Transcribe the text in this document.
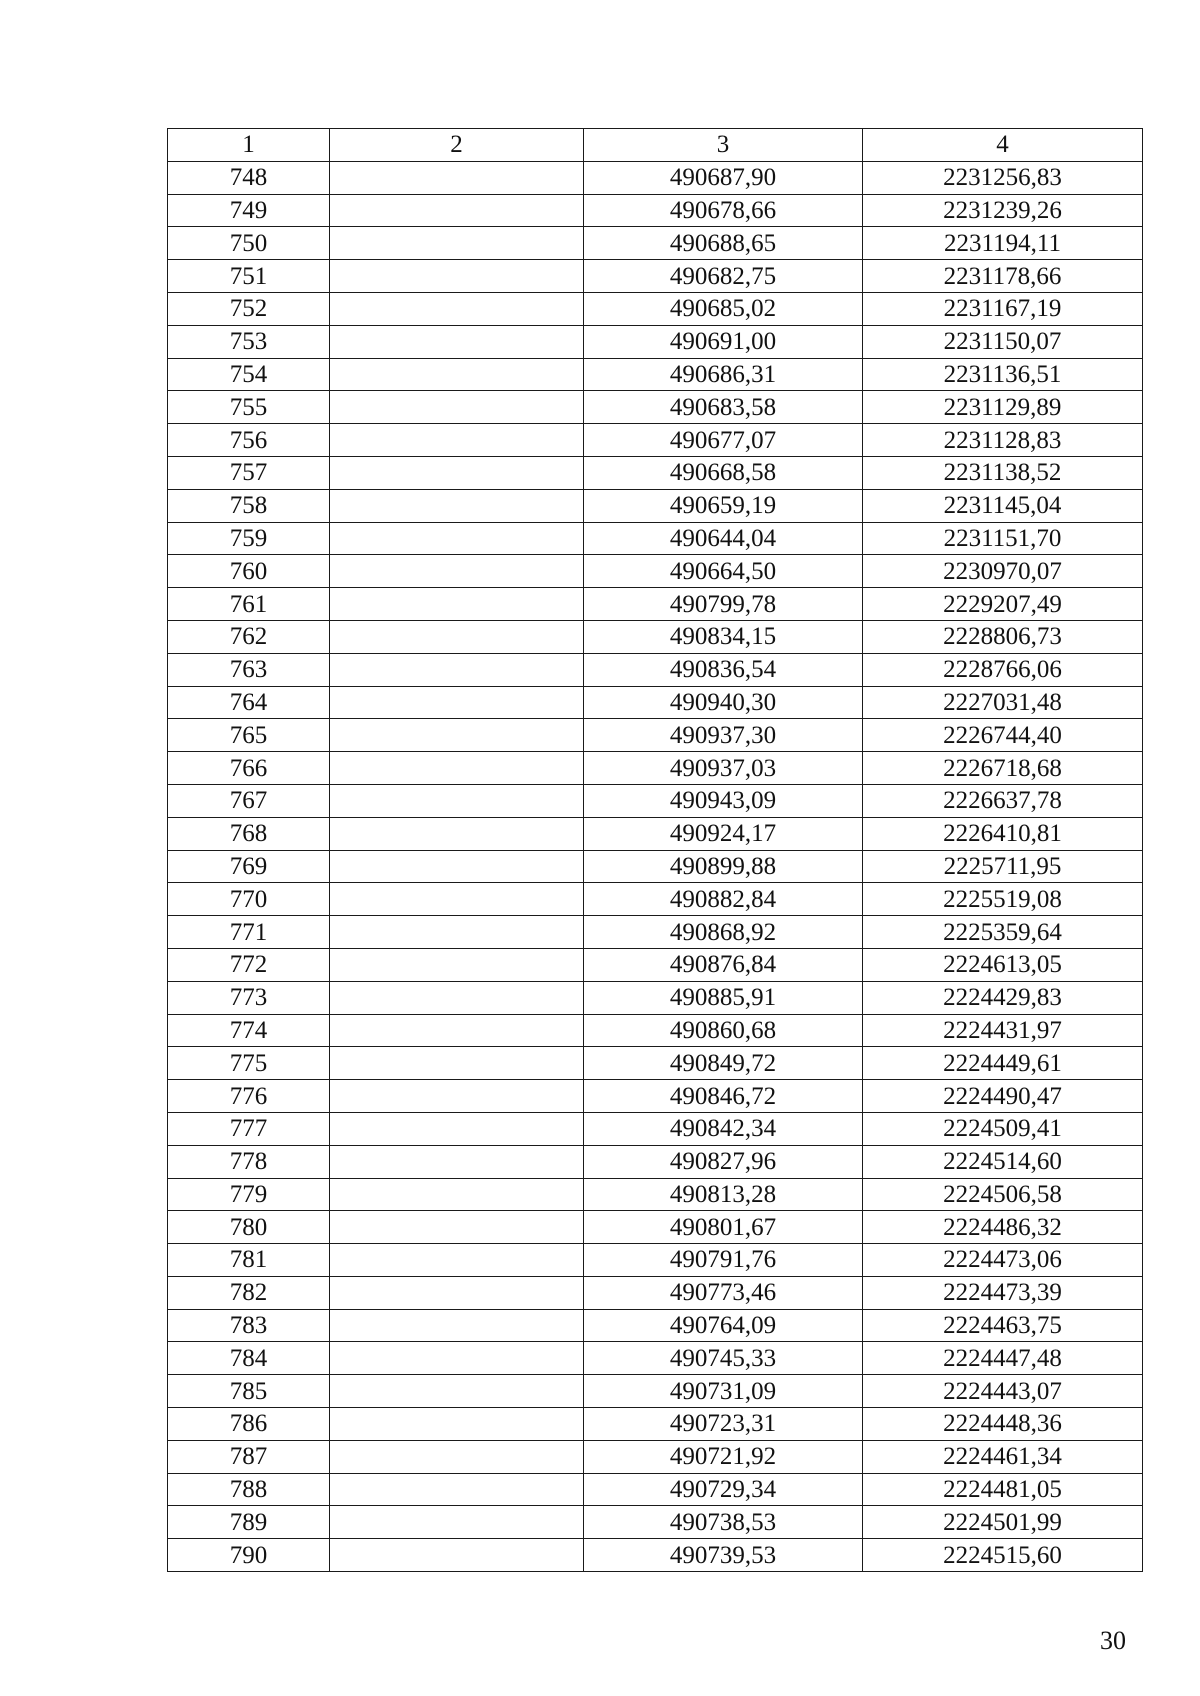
1	2	3	4
748		490687,90	2231256,83
749		490678,66	2231239,26
750		490688,65	2231194,11
751		490682,75	2231178,66
752		490685,02	2231167,19
753		490691,00	2231150,07
754		490686,31	2231136,51
755		490683,58	2231129,89
756		490677,07	2231128,83
757		490668,58	2231138,52
758		490659,19	2231145,04
759		490644,04	2231151,70
760		490664,50	2230970,07
761		490799,78	2229207,49
762		490834,15	2228806,73
763		490836,54	2228766,06
764		490940,30	2227031,48
765		490937,30	2226744,40
766		490937,03	2226718,68
767		490943,09	2226637,78
768		490924,17	2226410,81
769		490899,88	2225711,95
770		490882,84	2225519,08
771		490868,92	2225359,64
772		490876,84	2224613,05
773		490885,91	2224429,83
774		490860,68	2224431,97
775		490849,72	2224449,61
776		490846,72	2224490,47
777		490842,34	2224509,41
778		490827,96	2224514,60
779		490813,28	2224506,58
780		490801,67	2224486,32
781		490791,76	2224473,06
782		490773,46	2224473,39
783		490764,09	2224463,75
784		490745,33	2224447,48
785		490731,09	2224443,07
786		490723,31	2224448,36
787		490721,92	2224461,34
788		490729,34	2224481,05
789		490738,53	2224501,99
790		490739,53	2224515,60
30
